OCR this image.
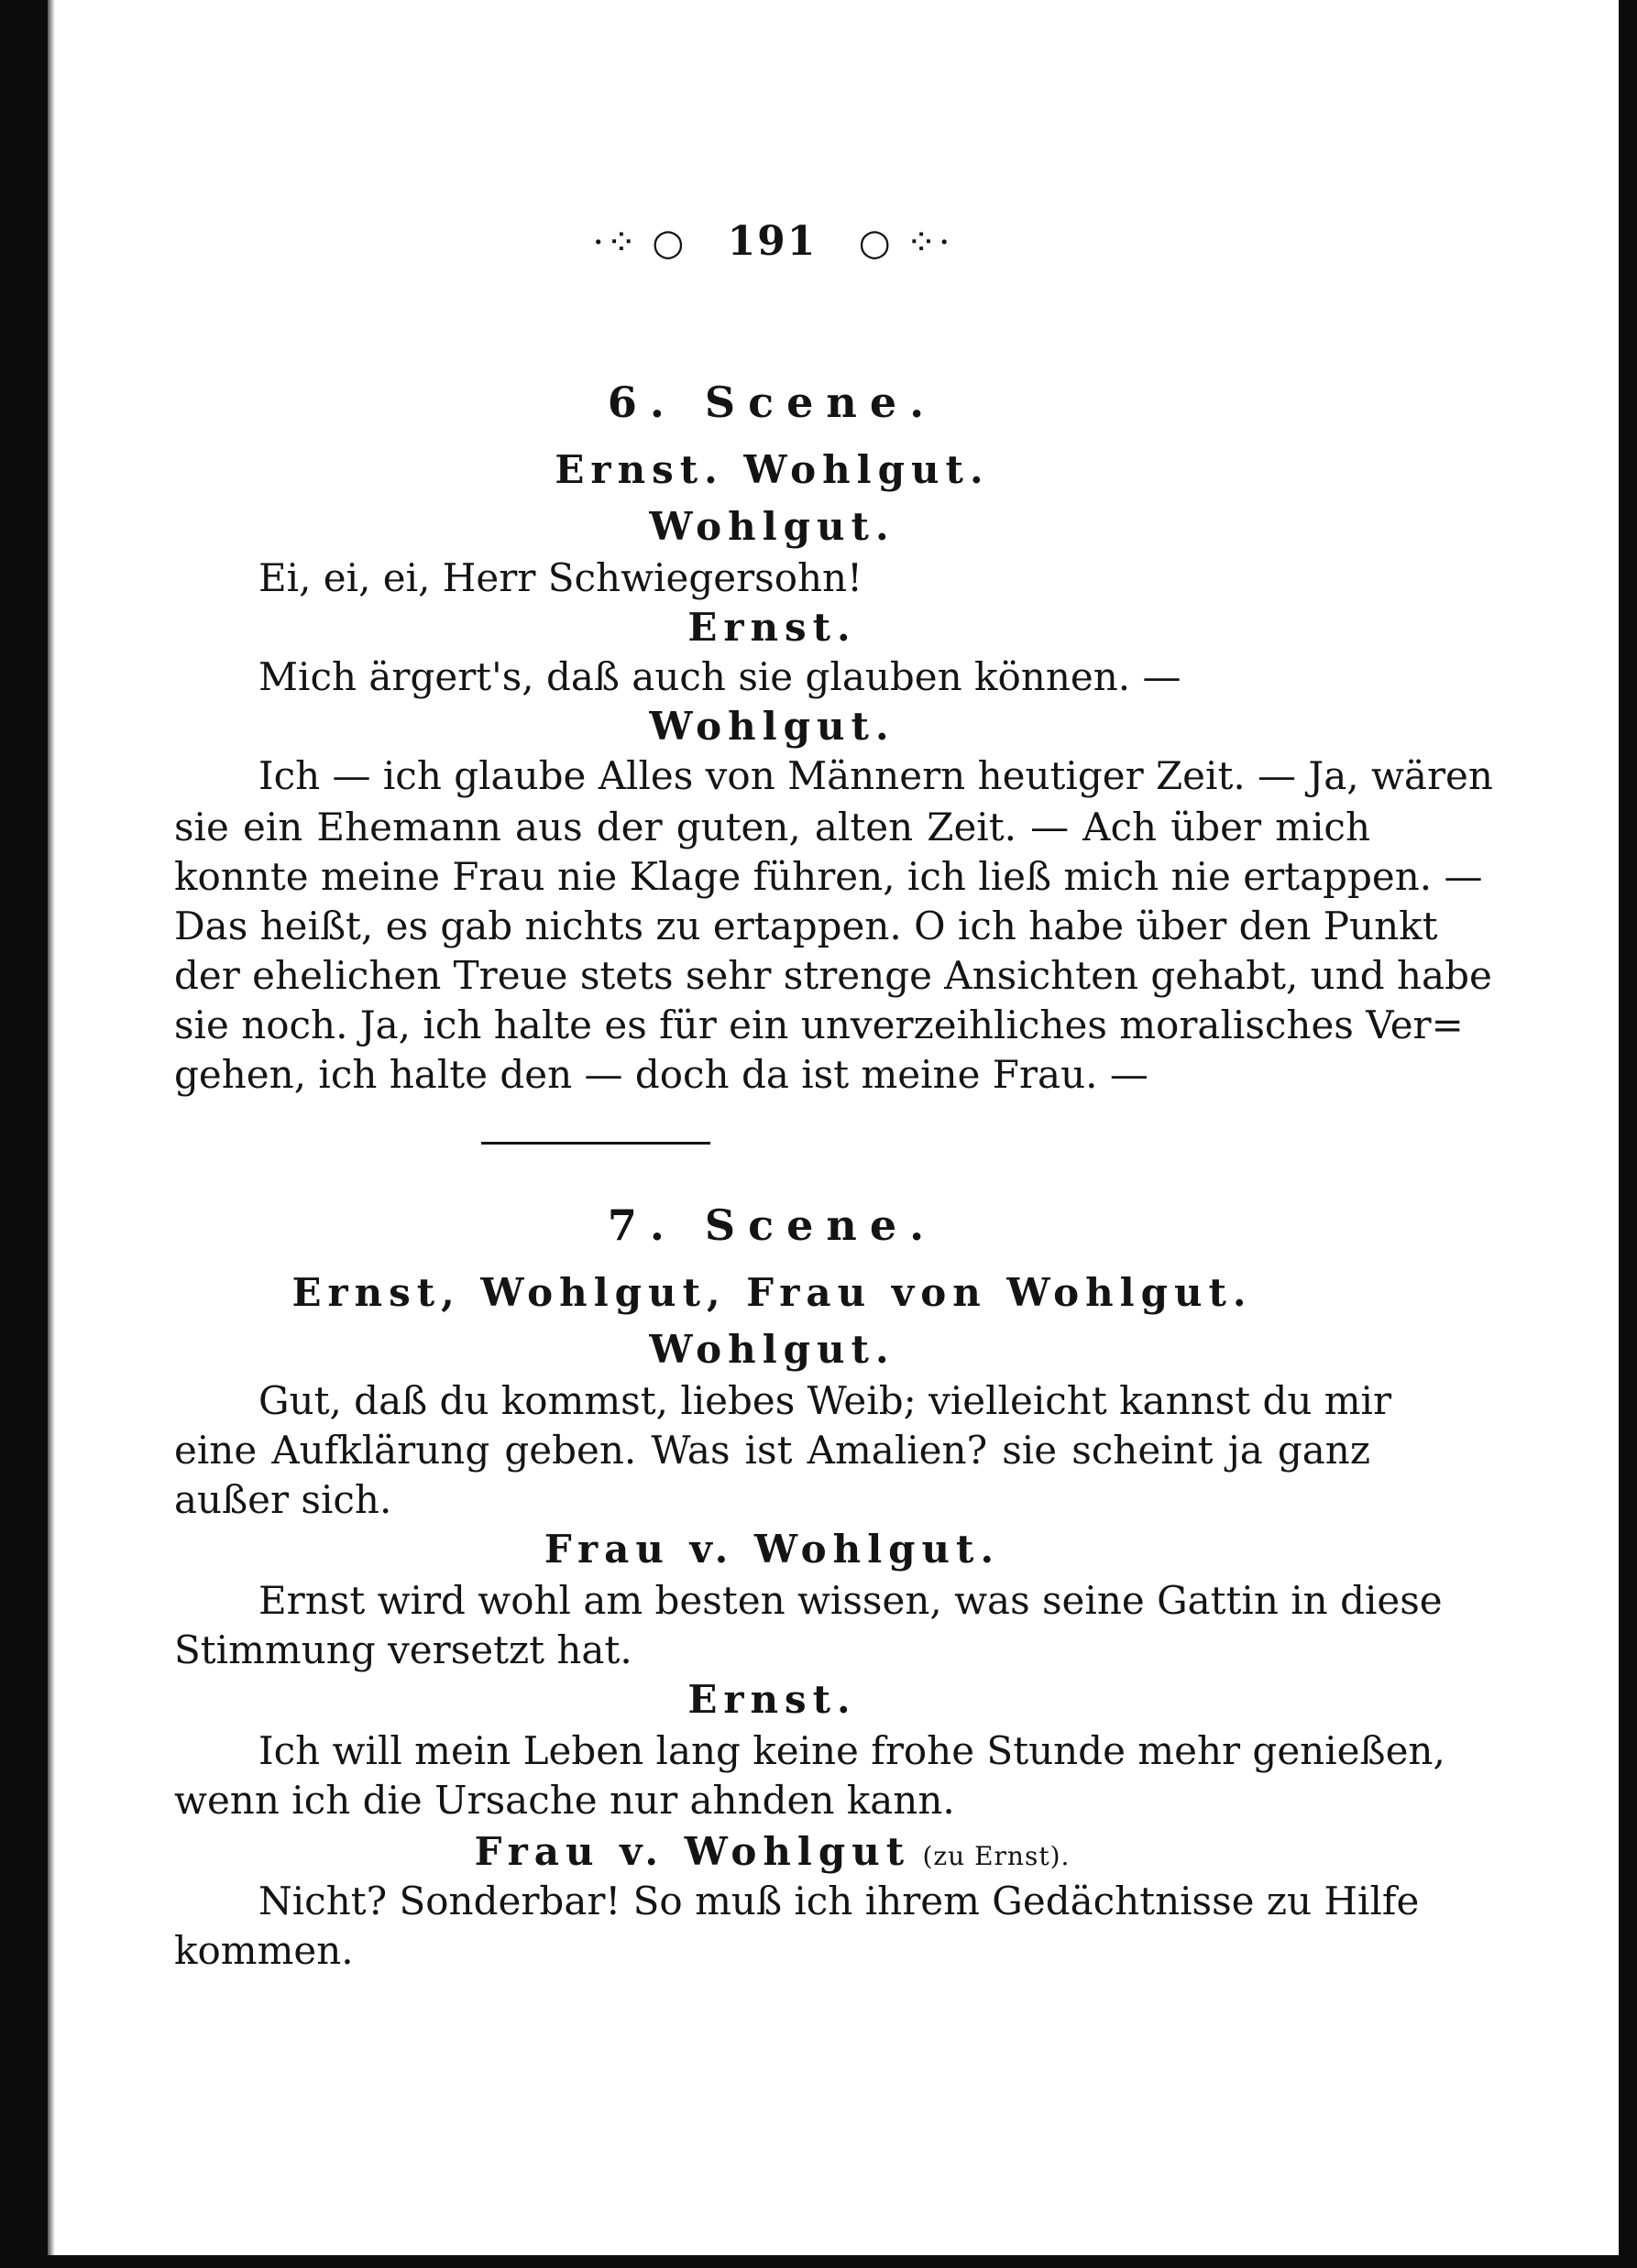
·⁘ ○ 191 ○ ⁘·
6. Scene.
Ernst. Wohlgut.
Wohlgut.
Ei, ei, ei, Herr Schwiegersohn!
Ernst.
Mich ärgert's, daß auch sie glauben können. —
Wohlgut.
Ich — ich glaube Alles von Männern heutiger Zeit. — Ja, wären
sie ein Ehemann aus der guten, alten Zeit. — Ach über mich
konnte meine Frau nie Klage führen, ich ließ mich nie ertappen. —
Das heißt, es gab nichts zu ertappen. O ich habe über den Punkt
der ehelichen Treue stets sehr strenge Ansichten gehabt, und habe
sie noch. Ja, ich halte es für ein unverzeihliches moralisches Ver=
gehen, ich halte den — doch da ist meine Frau. —
7. Scene.
Ernst, Wohlgut, Frau von Wohlgut.
Wohlgut.
Gut, daß du kommst, liebes Weib; vielleicht kannst du mir
eine Aufklärung geben. Was ist Amalien? sie scheint ja ganz
außer sich.
Frau v. Wohlgut.
Ernst wird wohl am besten wissen, was seine Gattin in diese
Stimmung versetzt hat.
Ernst.
Ich will mein Leben lang keine frohe Stunde mehr genießen,
wenn ich die Ursache nur ahnden kann.
Frau v. Wohlgut (zu Ernst).
Nicht? Sonderbar! So muß ich ihrem Gedächtnisse zu Hilfe
kommen.
